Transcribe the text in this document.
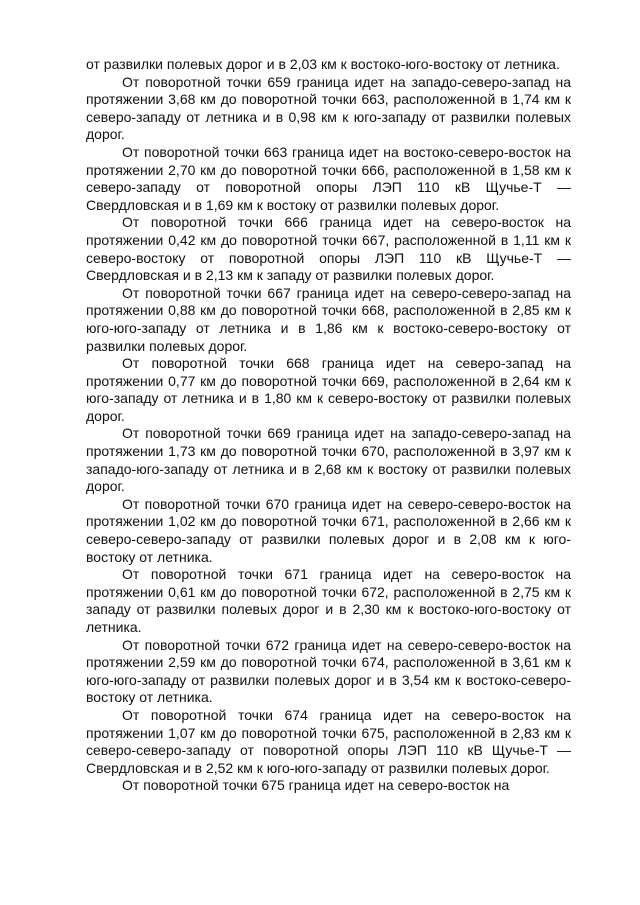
от развилки полевых дорог и в 2,03 км к востоко-юго-востоку от летника.

От поворотной точки 659 граница идет на западо-северо-запад на протяжении 3,68 км до поворотной точки 663, расположенной в 1,74 км к северо-западу от летника и в 0,98 км к юго-западу от развилки полевых дорог.

От поворотной точки 663 граница идет на востоко-северо-восток на протяжении 2,70 км до поворотной точки 666, расположенной в 1,58 км к северо-западу от поворотной опоры ЛЭП 110 кВ Щучье-Т — Свердловская и в 1,69 км к востоку от развилки полевых дорог.

От поворотной точки 666 граница идет на северо-восток на протяжении 0,42 км до поворотной точки 667, расположенной в 1,11 км к северо-востоку от поворотной опоры ЛЭП 110 кВ Щучье-Т — Свердловская и в 2,13 км к западу от развилки полевых дорог.

От поворотной точки 667 граница идет на северо-северо-запад на протяжении 0,88 км до поворотной точки 668, расположенной в 2,85 км к юго-юго-западу от летника и в 1,86 км к востоко-северо-востоку от развилки полевых дорог.

От поворотной точки 668 граница идет на северо-запад на протяжении 0,77 км до поворотной точки 669, расположенной в 2,64 км к юго-западу от летника и в 1,80 км к северо-востоку от развилки полевых дорог.

От поворотной точки 669 граница идет на западо-северо-запад на протяжении 1,73 км до поворотной точки 670, расположенной в 3,97 км к западо-юго-западу от летника и в 2,68 км к востоку от развилки полевых дорог.

От поворотной точки 670 граница идет на северо-северо-восток на протяжении 1,02 км до поворотной точки 671, расположенной в 2,66 км к северо-северо-западу от развилки полевых дорог и в 2,08 км к юго-востоку от летника.

От поворотной точки 671 граница идет на северо-восток на протяжении 0,61 км до поворотной точки 672, расположенной в 2,75 км к западу от развилки полевых дорог и в 2,30 км к востоко-юго-востоку от летника.

От поворотной точки 672 граница идет на северо-северо-восток на протяжении 2,59 км до поворотной точки 674, расположенной в 3,61 км к юго-юго-западу от развилки полевых дорог и в 3,54 км к востоко-северо-востоку от летника.

От поворотной точки 674 граница идет на северо-восток на протяжении 1,07 км до поворотной точки 675, расположенной в 2,83 км к северо-северо-западу от поворотной опоры ЛЭП 110 кВ Щучье-Т — Свердловская и в 2,52 км к юго-юго-западу от развилки полевых дорог.

От поворотной точки 675 граница идет на северо-восток на
